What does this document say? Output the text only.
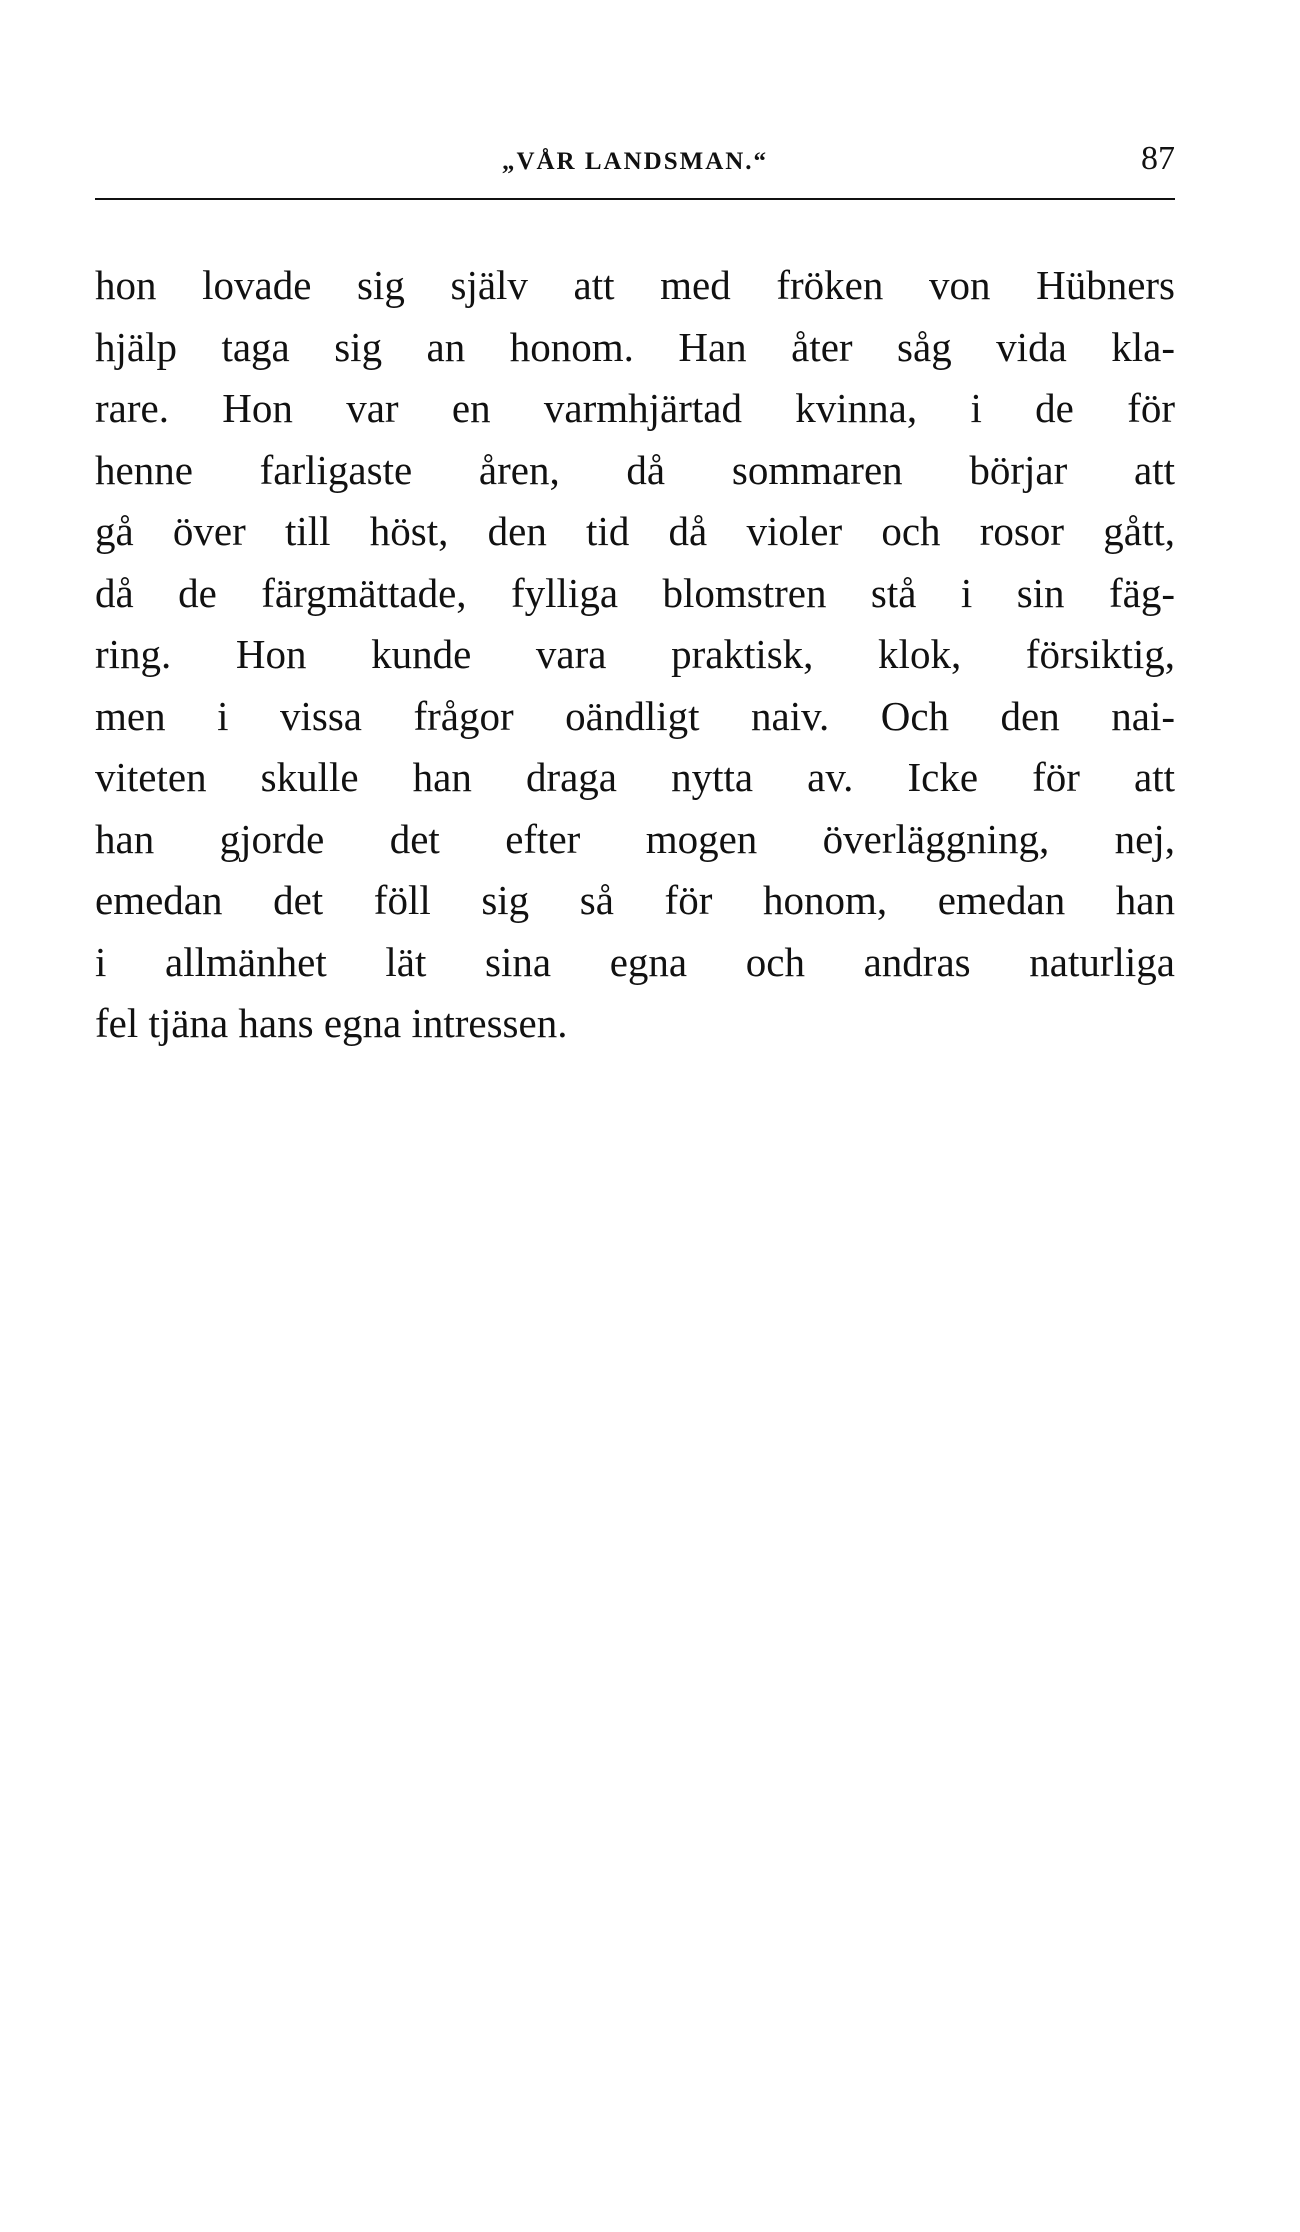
„VÅR LANDSMAN.“	87
hon lovade sig själv att med fröken von Hübners
hjälp taga sig an honom. Han åter såg vida kla-
rare. Hon var en varmhjärtad kvinna, i de för
henne farligaste åren, då sommaren börjar att
gå över till höst, den tid då violer och rosor gått,
då de färgmättade, fylliga blomstren stå i sin fäg-
ring. Hon kunde vara praktisk, klok, försiktig,
men i vissa frågor oändligt naiv. Och den nai-
viteten skulle han draga nytta av. Icke för att
han gjorde det efter mogen överläggning, nej,
emedan det föll sig så för honom, emedan han
i allmänhet lät sina egna och andras naturliga
fel tjäna hans egna intressen.
